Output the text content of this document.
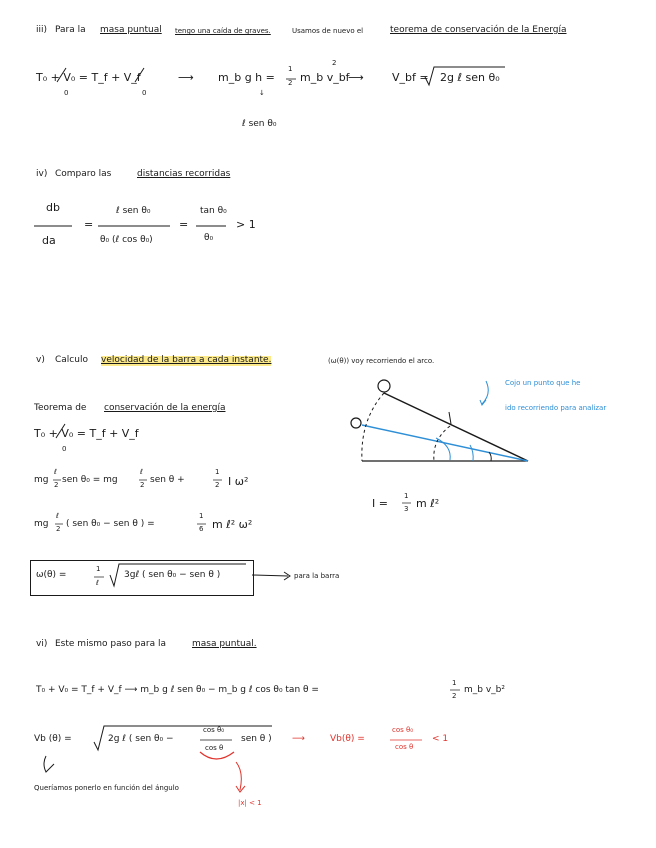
iii) Para la masa puntual tengo una caída de graves.	Usamos de nuevo el	teorema de conservación de la Energía
T₀ + V₀ = T_f + V_f
0	0
⟶ m_b g h =
1
2 m_b v_bf
2
⟶	V_bf = 2g ℓ sen θ₀
↓
ℓ sen θ₀
iv) Comparo las	distancias recorridas
db
da
=
ℓ sen θ₀
θ₀ (ℓ cos θ₀)
=
tan θ₀
θ₀
> 1
v) Calculo velocidad de la barra a cada instante.	(ω(θ)) voy recorriendo el arco.
Cojo un punto que he
ido recorriendo para analizar
Teorema de conservación de la energía
T₀ + V₀ = T_f + V_f
0
mg
ℓ
2 sen θ₀ = mg
ℓ
2 sen θ +
1
2 I ω²
mg
ℓ
2 ( sen θ₀ − sen θ ) =
1
6 m ℓ² ω²
I =
1
3 m ℓ²
ω(θ) =
1
ℓ
3gℓ ( sen θ₀ − sen θ )	para la barra
vi) Este mismo paso para la	masa puntual.
T₀ + V₀ = T_f + V_f ⟶ m_b g ℓ sen θ₀ − m_b g ℓ cos θ₀ tan θ =
1
2
m_b v_b²
Vb (θ) =	2g ℓ ( sen θ₀ −
cos θ₀
cos θ
sen θ ) ⟶	Vb(θ) =
cos θ₀
cos θ
< 1
Queríamos ponerlo en función del ángulo
|x| < 1
